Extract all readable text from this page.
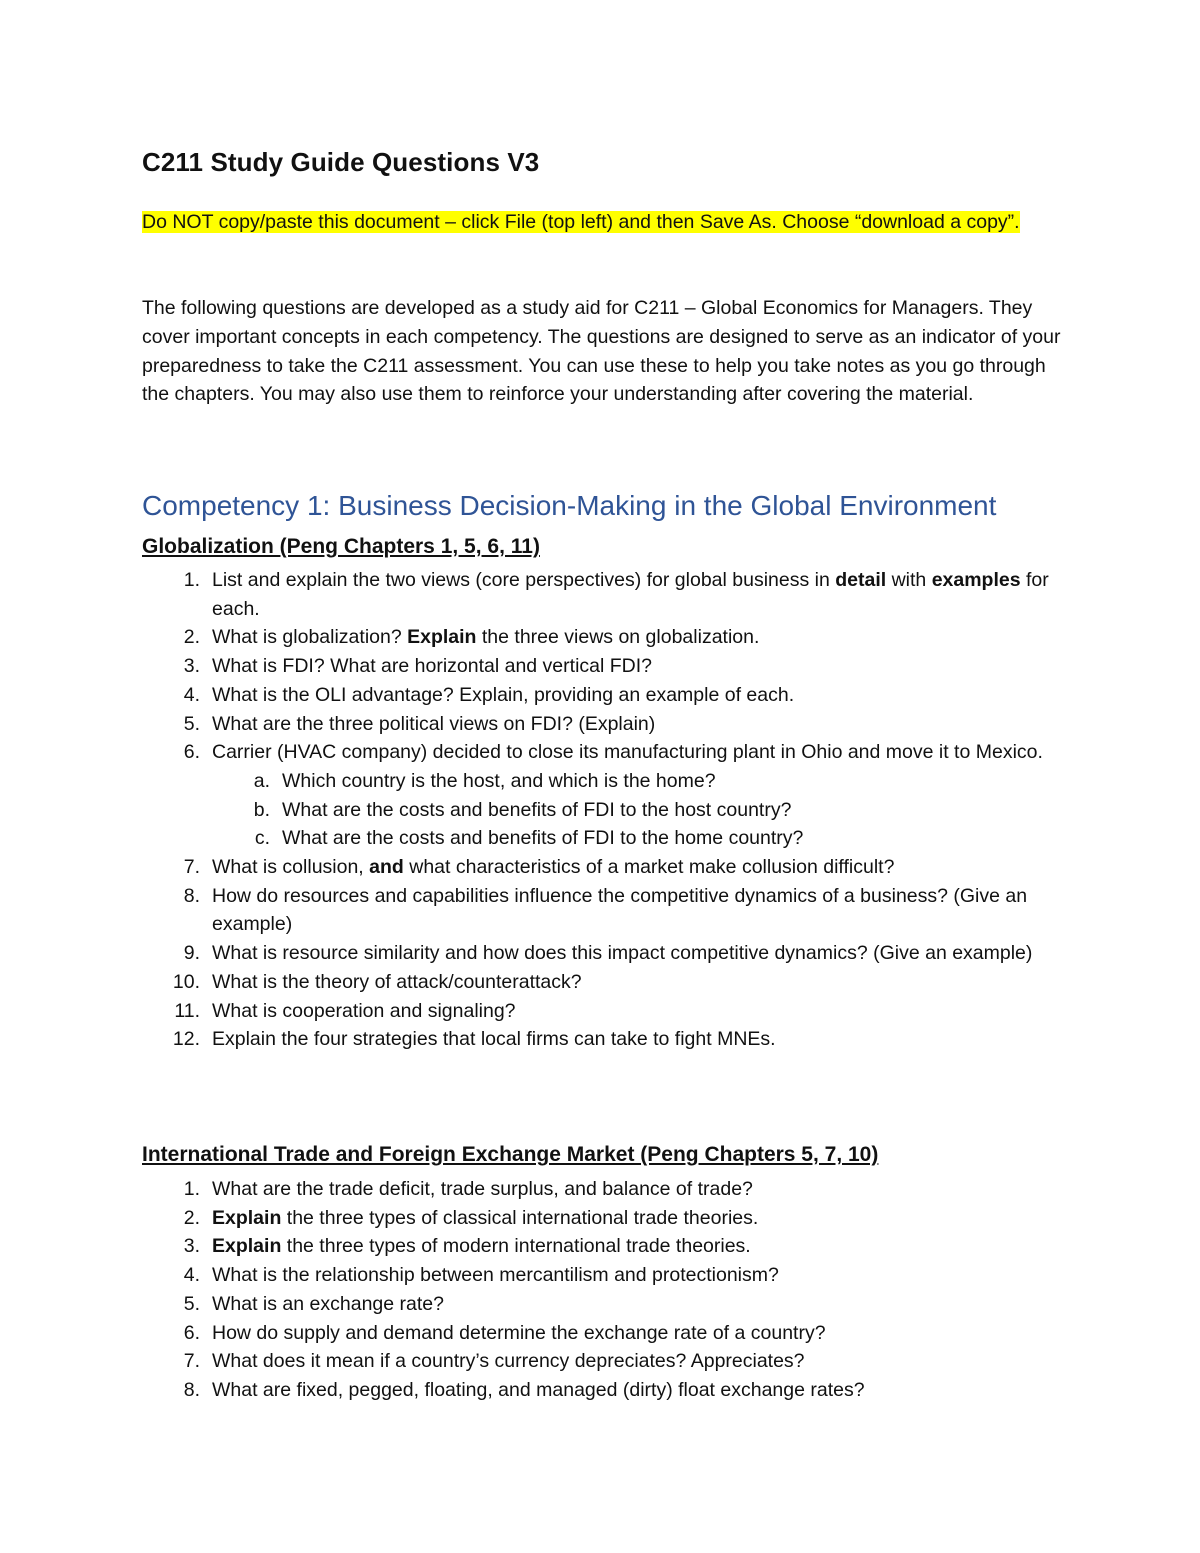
C211 Study Guide Questions V3
Do NOT copy/paste this document – click File (top left) and then Save As. Choose “download a copy”.
The following questions are developed as a study aid for C211 – Global Economics for Managers. They cover important concepts in each competency. The questions are designed to serve as an indicator of your preparedness to take the C211 assessment. You can use these to help you take notes as you go through the chapters. You may also use them to reinforce your understanding after covering the material.
Competency 1: Business Decision-Making in the Global Environment
Globalization (Peng Chapters 1, 5, 6, 11)
1. List and explain the two views (core perspectives) for global business in detail with examples for each.
2. What is globalization? Explain the three views on globalization.
3. What is FDI? What are horizontal and vertical FDI?
4. What is the OLI advantage? Explain, providing an example of each.
5. What are the three political views on FDI? (Explain)
6. Carrier (HVAC company) decided to close its manufacturing plant in Ohio and move it to Mexico.
a. Which country is the host, and which is the home?
b. What are the costs and benefits of FDI to the host country?
c. What are the costs and benefits of FDI to the home country?
7. What is collusion, and what characteristics of a market make collusion difficult?
8. How do resources and capabilities influence the competitive dynamics of a business? (Give an example)
9. What is resource similarity and how does this impact competitive dynamics? (Give an example)
10. What is the theory of attack/counterattack?
11. What is cooperation and signaling?
12. Explain the four strategies that local firms can take to fight MNEs.
International Trade and Foreign Exchange Market (Peng Chapters 5, 7, 10)
1. What are the trade deficit, trade surplus, and balance of trade?
2. Explain the three types of classical international trade theories.
3. Explain the three types of modern international trade theories.
4. What is the relationship between mercantilism and protectionism?
5. What is an exchange rate?
6. How do supply and demand determine the exchange rate of a country?
7. What does it mean if a country’s currency depreciates? Appreciates?
8. What are fixed, pegged, floating, and managed (dirty) float exchange rates?
